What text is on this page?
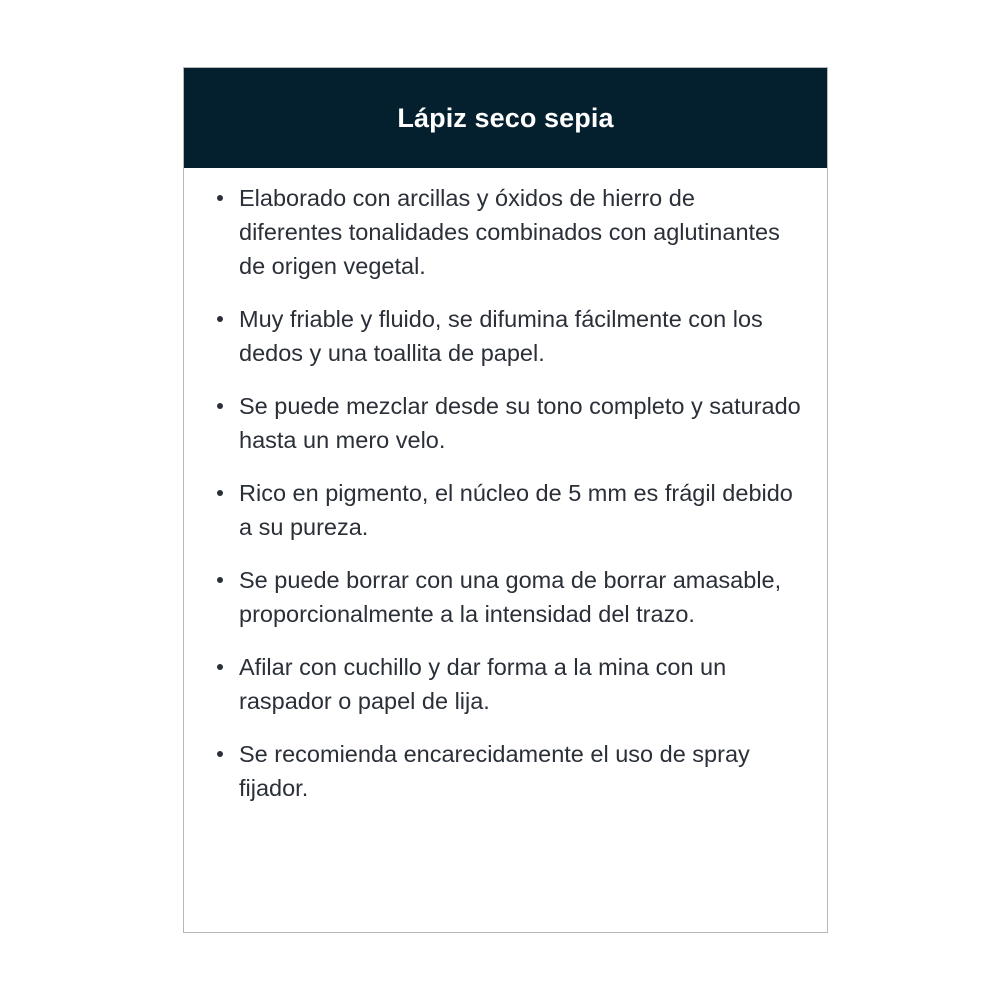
Lápiz seco sepia
Elaborado con arcillas y óxidos de hierro de diferentes tonalidades combinados con aglutinantes de origen vegetal.
Muy friable y fluido, se difumina fácilmente con los dedos y una toallita de papel.
Se puede mezclar desde su tono completo y saturado hasta un mero velo.
Rico en pigmento, el núcleo de 5 mm es frágil debido a su pureza.
Se puede borrar con una goma de borrar amasable, proporcionalmente a la intensidad del trazo.
Afilar con cuchillo y dar forma a la mina con un raspador o papel de lija.
Se recomienda encarecidamente el uso de spray fijador.
